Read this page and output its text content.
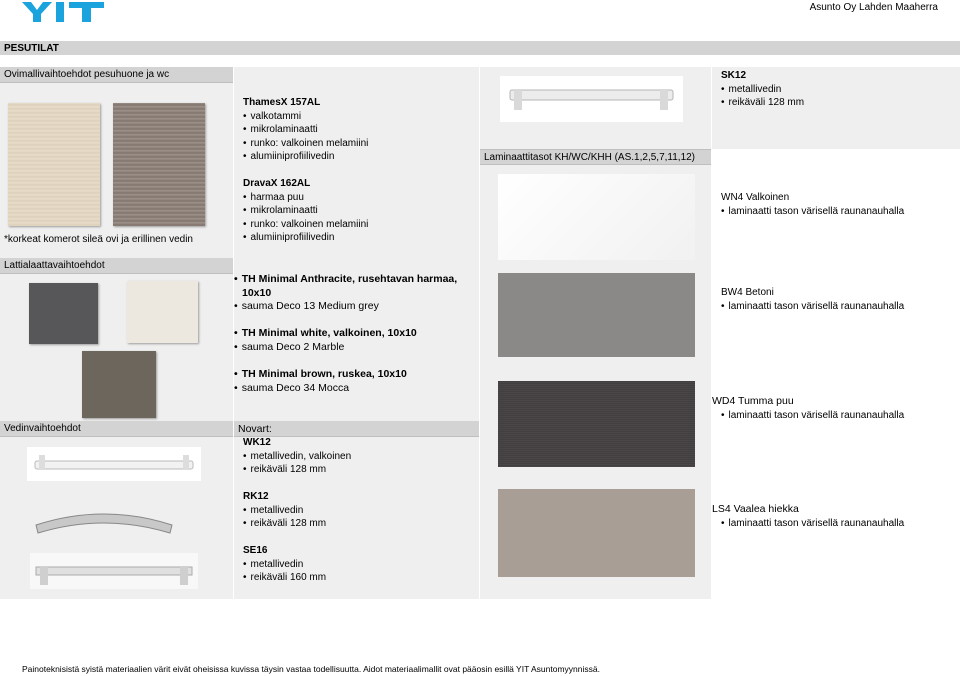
Asunto Oy Lahden Maaherra
PESUTILAT
Ovimallivaihtoehdot pesuhuone ja wc
*korkeat komerot sileä ovi ja erillinen vedin
Lattialaattavaihtoehdot
Vedinvaihtoehdot
ThamesX 157AL
• valkotammi
• mikrolaminaatti
• runko: valkoinen melamiini
• alumiiniprofiilivedin
DravaX 162AL
• harmaa puu
• mikrolaminaatti
• runko: valkoinen melamiini
• alumiiniprofiilivedin
• TH Minimal Anthracite, rusehtavan harmaa,
10x10
• sauma Deco 13 Medium grey
• TH Minimal white, valkoinen, 10x10
• sauma Deco 2 Marble
• TH Minimal brown, ruskea, 10x10
• sauma Deco 34 Mocca
Novart:
WK12
• metallivedin, valkoinen
• reikäväli 128 mm
RK12
• metallivedin
• reikäväli 128 mm
SE16
• metallivedin
• reikäväli 160 mm
Laminaattitasot KH/WC/KHH (AS.1,2,5,7,11,12)
SK12
• metallivedin
• reikäväli 128 mm
WN4 Valkoinen
• laminaatti tason värisellä raunanauhalla
BW4 Betoni
• laminaatti tason värisellä raunanauhalla
WD4 Tumma puu
• laminaatti tason värisellä raunanauhalla
LS4 Vaalea hiekka
• laminaatti tason värisellä raunanauhalla
Painoteknisistä syistä materiaalien värit eivät oheisissa kuvissa täysin vastaa todellisuutta. Aidot materiaalimallit ovat pääosin esillä YIT Asuntomyynnissä.
